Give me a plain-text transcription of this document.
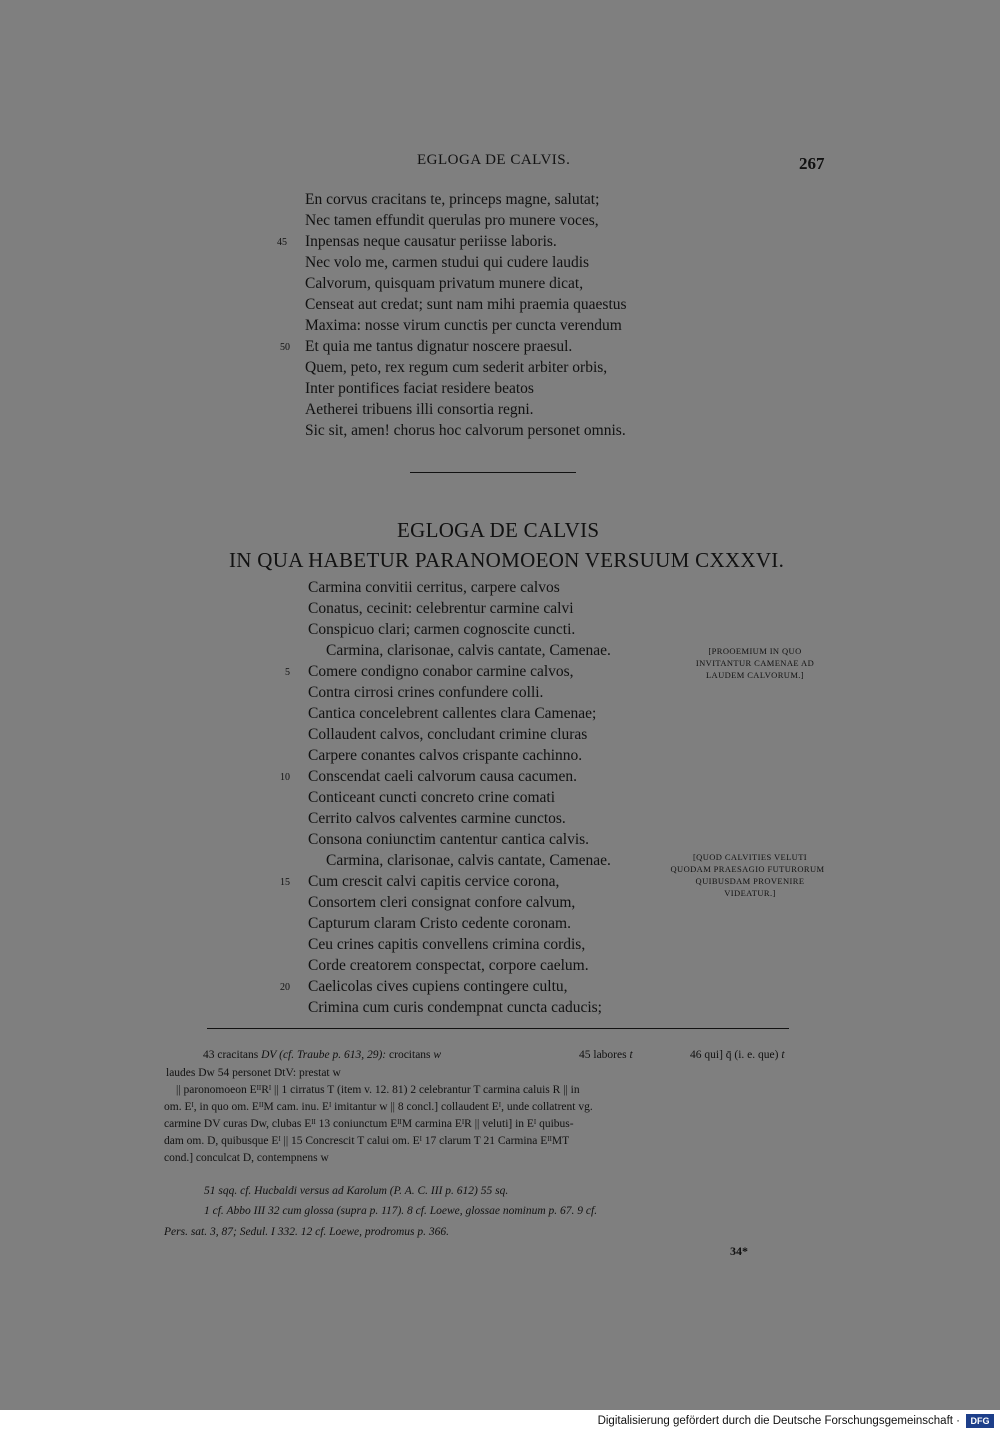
EGLOGA DE CALVIS.	267
En corvus cracitans te, princeps magne, salutat;
Nec tamen effundit querulas pro munere voces,
Inpensas neque causatur periisse laboris.
Nec volo me, carmen studui qui cudere laudis
Calvorum, quisquam privatum munere dicat,
Censeat aut credat; sunt nam mihi praemia quaestus
Maxima: nosse virum cunctis per cuncta verendum
Et quia me tantus dignatur noscere praesul.
Quem, peto, rex regum cum sederit arbiter orbis,
Inter pontifices faciat residere beatos
Aetherei tribuens illi consortia regni.
Sic sit, amen! chorus hoc calvorum personet omnis.
45
50
EGLOGA DE CALVIS
IN QUA HABETUR PARANOMOEON VERSUUM CXXXVI.
Carmina convitii cerritus, carpere calvos
Conatus, cecinit: celebrentur carmine calvi
Conspicuo clari; carmen cognoscite cuncti.
Carmina, clarisonae, calvis cantate, Camenae.
Comere condigno conabor carmine calvos,
Contra cirrosi crines confundere colli.
Cantica concelebrent callentes clara Camenae;
Collaudent calvos, concludant crimine cluras
Carpere conantes calvos crispante cachinno.
Conscendat caeli calvorum causa cacumen.
Conticeant cuncti concreto crine comati
Cerrito calvos calventes carmine cunctos.
Consona coniunctim cantentur cantica calvis.
Carmina, clarisonae, calvis cantate, Camenae.
Cum crescit calvi capitis cervice corona,
Consortem cleri consignat confore calvum,
Capturum claram Cristo cedente coronam.
Ceu crines capitis convellens crimina cordis,
Corde creatorem conspectat, corpore caelum.
Caelicolas cives cupiens contingere cultu,
Crimina cum curis condempnat cuncta caducis;
5
10
15
20
[PROOEMIUM IN QUO
INVITANTUR CAMENAE AD
LAUDEM CALVORUM.]
[QUOD CALVITIES VELUTI
QUODAM PRAESAGIO FUTURORUM
QUIBUSDAM PROVENIRE
VIDEATUR.]
43 cracitans DV (cf. Traube p. 613, 29): crocitans w	45 labores t	46 qui] q̄ (i. e. que) t
laudes Dw 54 personet DtV: prestat w
|| paronomoeon EᴵᴵRᴵ || 1 cirratus T (item v. 12. 81) 2 celebrantur T carmina caluis R || in
om. Eᴵ, in quo om. EᴵᴵM cam. inu. Eᴵ imitantur w || 8 concl.] collaudent Eᴵ, unde collatrent vg.
carmine DV curas Dw, clubas Eᴵᴵ 13 coniunctum EᴵᴵM carmina EᴵR || veluti] in Eᴵ quibus-
dam om. D, quibusque Eᴵ || 15 Concrescit T calui om. Eᴵ 17 clarum T 21 Carmina EᴵᴵMT
cond.] conculcat D, contempnens w
51 sqq. cf. Hucbaldi versus ad Karolum (P. A. C. III p. 612) 55 sq.
1 cf. Abbo III 32 cum glossa (supra p. 117). 8 cf. Loewe, glossae nominum p. 67. 9 cf.
Pers. sat. 3, 87; Sedul. I 332. 12 cf. Loewe, prodromus p. 366.
34*
Digitalisierung gefördert durch die Deutsche Forschungsgemeinschaft ·	DFG
